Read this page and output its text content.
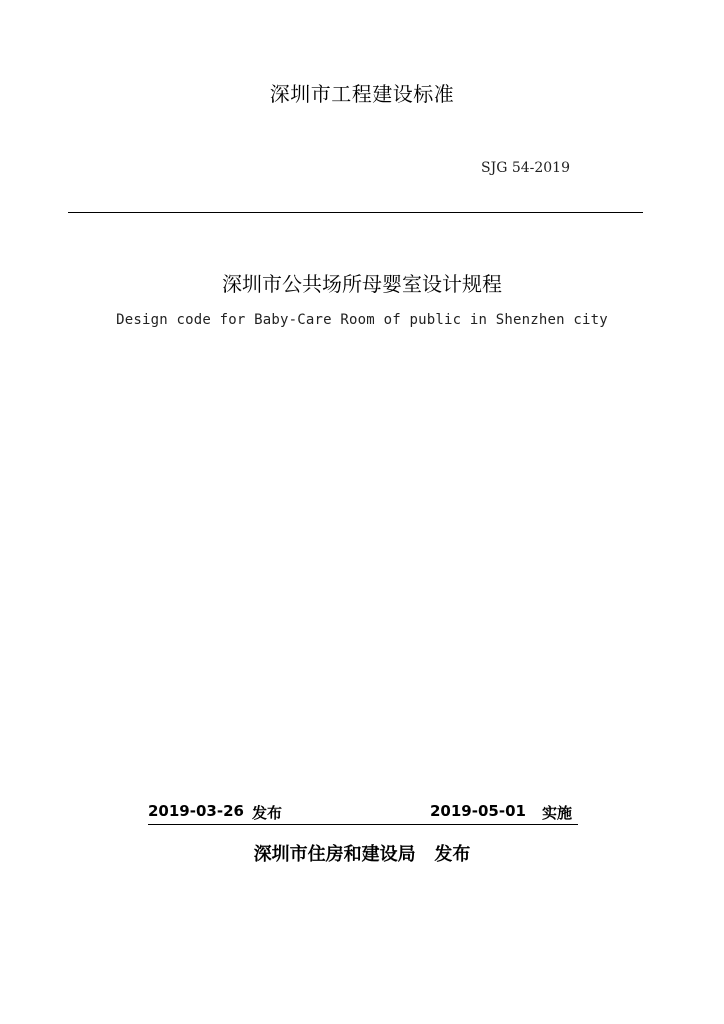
深圳市工程建设标准
SJG 54-2019
深圳市公共场所母婴室设计规程
Design code for Baby-Care Room of public in Shenzhen city
2019-03-26 发布	2019-05-01 实施
深圳市住房和建设局 发布
